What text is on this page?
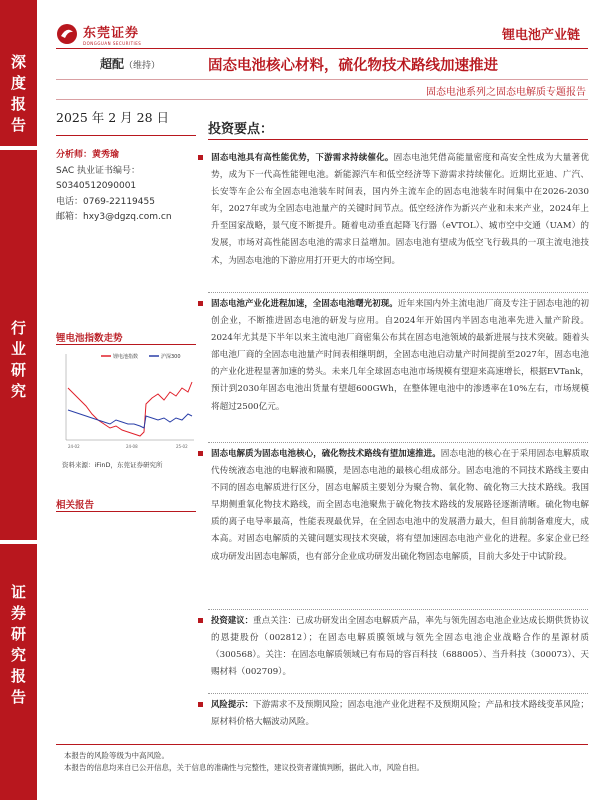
深度报告
行业研究
证券研究报告
东莞证券
DONGGUAN SECURITIES
锂电池产业链
超配（维持）	固态电池核心材料，硫化物技术路线加速推进
固态电池系列之固态电解质专题报告
2025 年 2 月 28 日
分析师：黄秀瑜
SAC 执业证书编号：
S0340512090001
电话：0769-22119455
邮箱：hxy3@dgzq.com.cn
锂电池指数走势
锂电池指数	沪深300
24-02	24-08	25-02
资料来源：iFinD，东莞证券研究所
相关报告
投资要点：
固态电池具有高性能优势，下游需求持续催化。固态电池凭借高能量密度和高安全性成为大量著优势，成为下一代高性能锂电池。新能源汽车和低空经济等下游需求持续催化。近期比亚迪、广汽、长安等车企公布全固态电池装车时间表，国内外主流车企的固态电池装车时间集中在2026-2030年，2027年或为全固态电池量产的关键时间节点。低空经济作为新兴产业和未来产业，2024年上升至国家战略，景气度不断提升。随着电动垂直起降飞行器（eVTOL）、城市空中交通（UAM）的发展，市场对高性能固态电池的需求日益增加。固态电池有望成为低空飞行载具的一项主流电池技术，为固态电池的下游应用打开更大的市场空间。
固态电池产业化进程加速，全固态电池曙光初现。近年来国内外主流电池厂商及专注于固态电池的初创企业，不断推进固态电池的研发与应用。自2024年开始国内半固态电池率先进入量产阶段。2024年尤其是下半年以来主流电池厂商密集公布其在固态电池领域的最新进展与技术突破。随着头部电池厂商的全固态电池量产时间表相继明朗，全固态电池启动量产时间提前至2027年，固态电池的产业化进程显著加速的势头。未来几年全球固态电池市场规模有望迎来高速增长，根据EVTank，预计到2030年固态电池出货量有望超600GWh，在整体锂电池中的渗透率在10%左右，市场规模将超过2500亿元。
固态电解质为固态电池核心，硫化物技术路线有望加速推进。固态电池的核心在于采用固态电解质取代传统液态电池的电解液和隔膜，是固态电池的最核心组成部分。固态电池的不同技术路线主要由不同的固态电解质进行区分，固态电解质主要划分为聚合物、氧化物、硫化物三大技术路线。我国早期侧重氧化物技术路线，而全固态电池聚焦于硫化物技术路线的发展路径逐渐清晰。硫化物电解质的离子电导率最高，性能表现最优异，在全固态电池中的发展潜力最大，但目前制备难度大，成本高。对固态电解质的关键问题实现技术突破，将有望加速固态电池产业化的进程。多家企业已经成功研发出固态电解质，也有部分企业成功研发出硫化物固态电解质，目前大多处于中试阶段。
投资建议：重点关注：已成功研发出全固态电解质产品，率先与领先固态电池企业达成长期供货协议的恩捷股份（002812）；在固态电解质膜领域与领先全固态电池企业战略合作的星源材质（300568）。关注：在固态电解质领域已有布局的容百科技（688005）、当升科技（300073）、天赐材料（002709）。
风险提示：下游需求不及预期风险；固态电池产业化进程不及预期风险；产品和技术路线变革风险；原材料价格大幅波动风险。
本报告的风险等级为中高风险。
本报告的信息均来自已公开信息，关于信息的准确性与完整性，建议投资者谨慎判断，据此入市，风险自担。
